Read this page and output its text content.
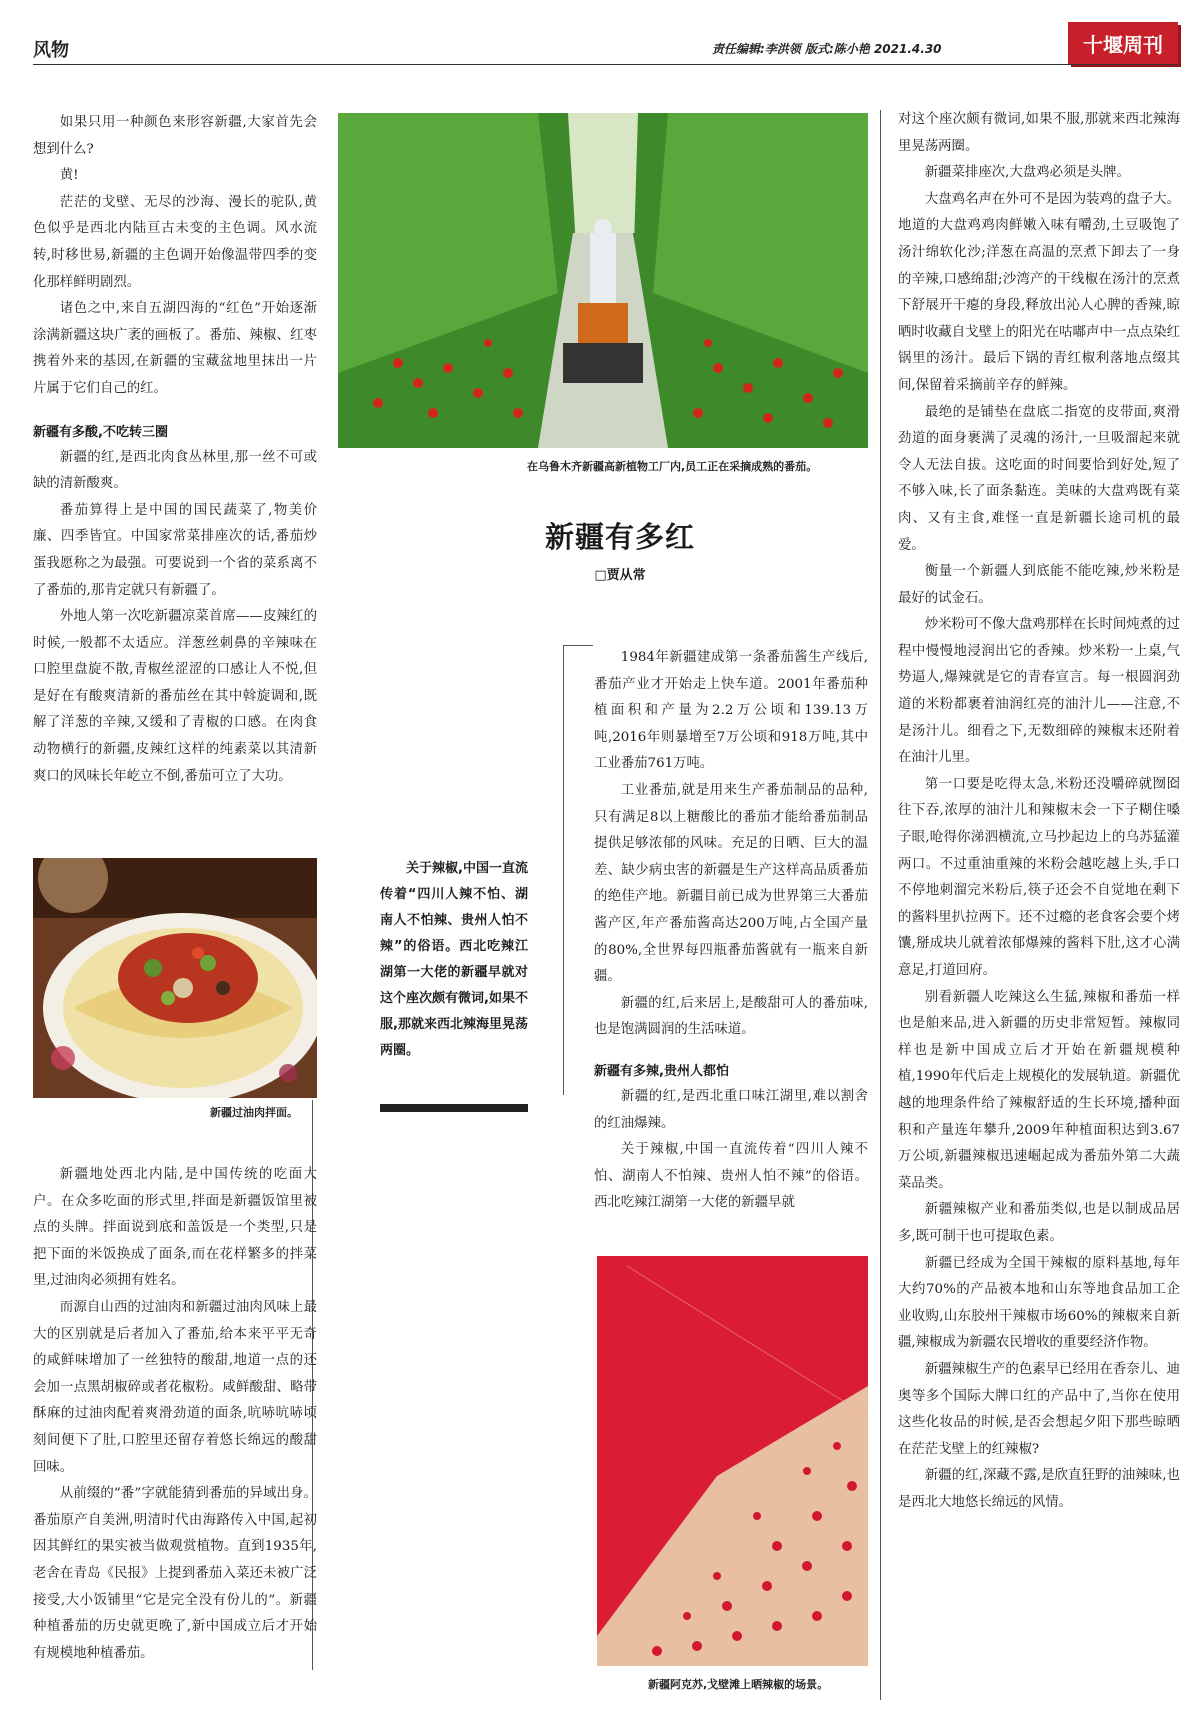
风物	责任编辑:李洪领 版式:陈小艳 2021.4.30	十堰周刊

如果只用一种颜色来形容新疆,大家首先会想到什么?

黄!

茫茫的戈壁、无尽的沙海、漫长的驼队,黄色似乎是西北内陆亘古未变的主色调。风水流转,时移世易,新疆的主色调开始像温带四季的变化那样鲜明剧烈。

诸色之中,来自五湖四海的“红色”开始逐渐涂满新疆这块广袤的画板了。番茄、辣椒、红枣携着外来的基因,在新疆的宝藏盆地里抹出一片片属于它们自己的红。

新疆有多酸,不吃转三圈

新疆的红,是西北肉食丛林里,那一丝不可或缺的清新酸爽。

番茄算得上是中国的国民蔬菜了,物美价廉、四季皆宜。中国家常菜排座次的话,番茄炒蛋我愿称之为最强。可要说到一个省的菜系离不了番茄的,那肯定就只有新疆了。

外地人第一次吃新疆凉菜首席——皮辣红的时候,一般都不太适应。洋葱丝刺鼻的辛辣味在口腔里盘旋不散,青椒丝涩涩的口感让人不悦,但是好在有酸爽清新的番茄丝在其中斡旋调和,既解了洋葱的辛辣,又缓和了青椒的口感。在肉食动物横行的新疆,皮辣红这样的纯素菜以其清新爽口的风味长年屹立不倒,番茄可立了大功。

新疆过油肉拌面。

新疆地处西北内陆,是中国传统的吃面大户。在众多吃面的形式里,拌面是新疆饭馆里被点的头牌。拌面说到底和盖饭是一个类型,只是把下面的米饭换成了面条,而在花样繁多的拌菜里,过油肉必须拥有姓名。

而源自山西的过油肉和新疆过油肉风味上最大的区别就是后者加入了番茄,给本来平平无奇的咸鲜味增加了一丝独特的酸甜,地道一点的还会加一点黑胡椒碎或者花椒粉。咸鲜酸甜、略带酥麻的过油肉配着爽滑劲道的面条,吭哧吭哧顷刻间便下了肚,口腔里还留存着悠长绵远的酸甜回味。

从前缀的“番”字就能猜到番茄的异域出身。番茄原产自美洲,明清时代由海路传入中国,起初因其鲜红的果实被当做观赏植物。直到1935年,老舍在青岛《民报》上提到番茄入菜还未被广泛接受,大小饭铺里“它是完全没有份儿的”。新疆种植番茄的历史就更晚了,新中国成立后才开始有规模地种植番茄。

在乌鲁木齐新疆高新植物工厂内,员工正在采摘成熟的番茄。
新疆有多红
□贾从常
关于辣椒,中国一直流传着“四川人辣不怕、湖南人不怕辣、贵州人怕不辣”的俗语。西北吃辣江湖第一大佬的新疆早就对这个座次颇有微词,如果不服,那就来西北辣海里晃荡两圈。

1984年新疆建成第一条番茄酱生产线后,番茄产业才开始走上快车道。2001年番茄种植面积和产量为2.2万公顷和139.13万吨,2016年则暴增至7万公顷和918万吨,其中工业番茄761万吨。

工业番茄,就是用来生产番茄制品的品种,只有满足8以上糖酸比的番茄才能给番茄制品提供足够浓郁的风味。充足的日晒、巨大的温差、缺少病虫害的新疆是生产这样高品质番茄的绝佳产地。新疆目前已成为世界第三大番茄酱产区,年产番茄酱高达200万吨,占全国产量的80%,全世界每四瓶番茄酱就有一瓶来自新疆。

新疆的红,后来居上,是酸甜可人的番茄味,也是饱满圆润的生活味道。

新疆有多辣,贵州人都怕

新疆的红,是西北重口味江湖里,难以割舍的红油爆辣。

关于辣椒,中国一直流传着“四川人辣不怕、湖南人不怕辣、贵州人怕不辣”的俗语。西北吃辣江湖第一大佬的新疆早就

新疆阿克苏,戈壁滩上晒辣椒的场景。

对这个座次颇有微词,如果不服,那就来西北辣海里晃荡两圈。

新疆菜排座次,大盘鸡必须是头牌。

大盘鸡名声在外可不是因为装鸡的盘子大。地道的大盘鸡鸡肉鲜嫩入味有嚼劲,土豆吸饱了汤汁绵软化沙;洋葱在高温的烹煮下卸去了一身的辛辣,口感绵甜;沙湾产的干线椒在汤汁的烹煮下舒展开干瘪的身段,释放出沁人心脾的香辣,晾晒时收藏自戈壁上的阳光在咕嘟声中一点点染红锅里的汤汁。最后下锅的青红椒利落地点缀其间,保留着采摘前辛存的鲜辣。

最绝的是铺垫在盘底二指宽的皮带面,爽滑劲道的面身裹满了灵魂的汤汁,一旦吸溜起来就令人无法自拔。这吃面的时间要恰到好处,短了不够入味,长了面条黏连。美味的大盘鸡既有菜肉、又有主食,难怪一直是新疆长途司机的最爱。

衡量一个新疆人到底能不能吃辣,炒米粉是最好的试金石。

炒米粉可不像大盘鸡那样在长时间炖煮的过程中慢慢地浸润出它的香辣。炒米粉一上桌,气势逼人,爆辣就是它的青春宣言。每一根圆润劲道的米粉都裹着油润红亮的油汁儿——注意,不是汤汁儿。细看之下,无数细碎的辣椒末还附着在油汁儿里。

第一口要是吃得太急,米粉还没嚼碎就囫囵往下吞,浓厚的油汁儿和辣椒末会一下子糊住嗓子眼,呛得你涕泗横流,立马抄起边上的乌苏猛灌两口。不过重油重辣的米粉会越吃越上头,手口不停地刺溜完米粉后,筷子还会不自觉地在剩下的酱料里扒拉两下。还不过瘾的老食客会要个烤馕,掰成块儿就着浓郁爆辣的酱料下肚,这才心满意足,打道回府。

别看新疆人吃辣这么生猛,辣椒和番茄一样也是舶来品,进入新疆的历史非常短暂。辣椒同样也是新中国成立后才开始在新疆规模种植,1990年代后走上规模化的发展轨道。新疆优越的地理条件给了辣椒舒适的生长环境,播种面积和产量连年攀升,2009年种植面积达到3.67万公顷,新疆辣椒迅速崛起成为番茄外第二大蔬菜品类。

新疆辣椒产业和番茄类似,也是以制成品居多,既可制干也可提取色素。

新疆已经成为全国干辣椒的原料基地,每年大约70%的产品被本地和山东等地食品加工企业收购,山东胶州干辣椒市场60%的辣椒来自新疆,辣椒成为新疆农民增收的重要经济作物。

新疆辣椒生产的色素早已经用在香奈儿、迪奥等多个国际大牌口红的产品中了,当你在使用这些化妆品的时候,是否会想起夕阳下那些晾晒在茫茫戈壁上的红辣椒?

新疆的红,深藏不露,是欣直狂野的油辣味,也是西北大地悠长绵远的风情。
